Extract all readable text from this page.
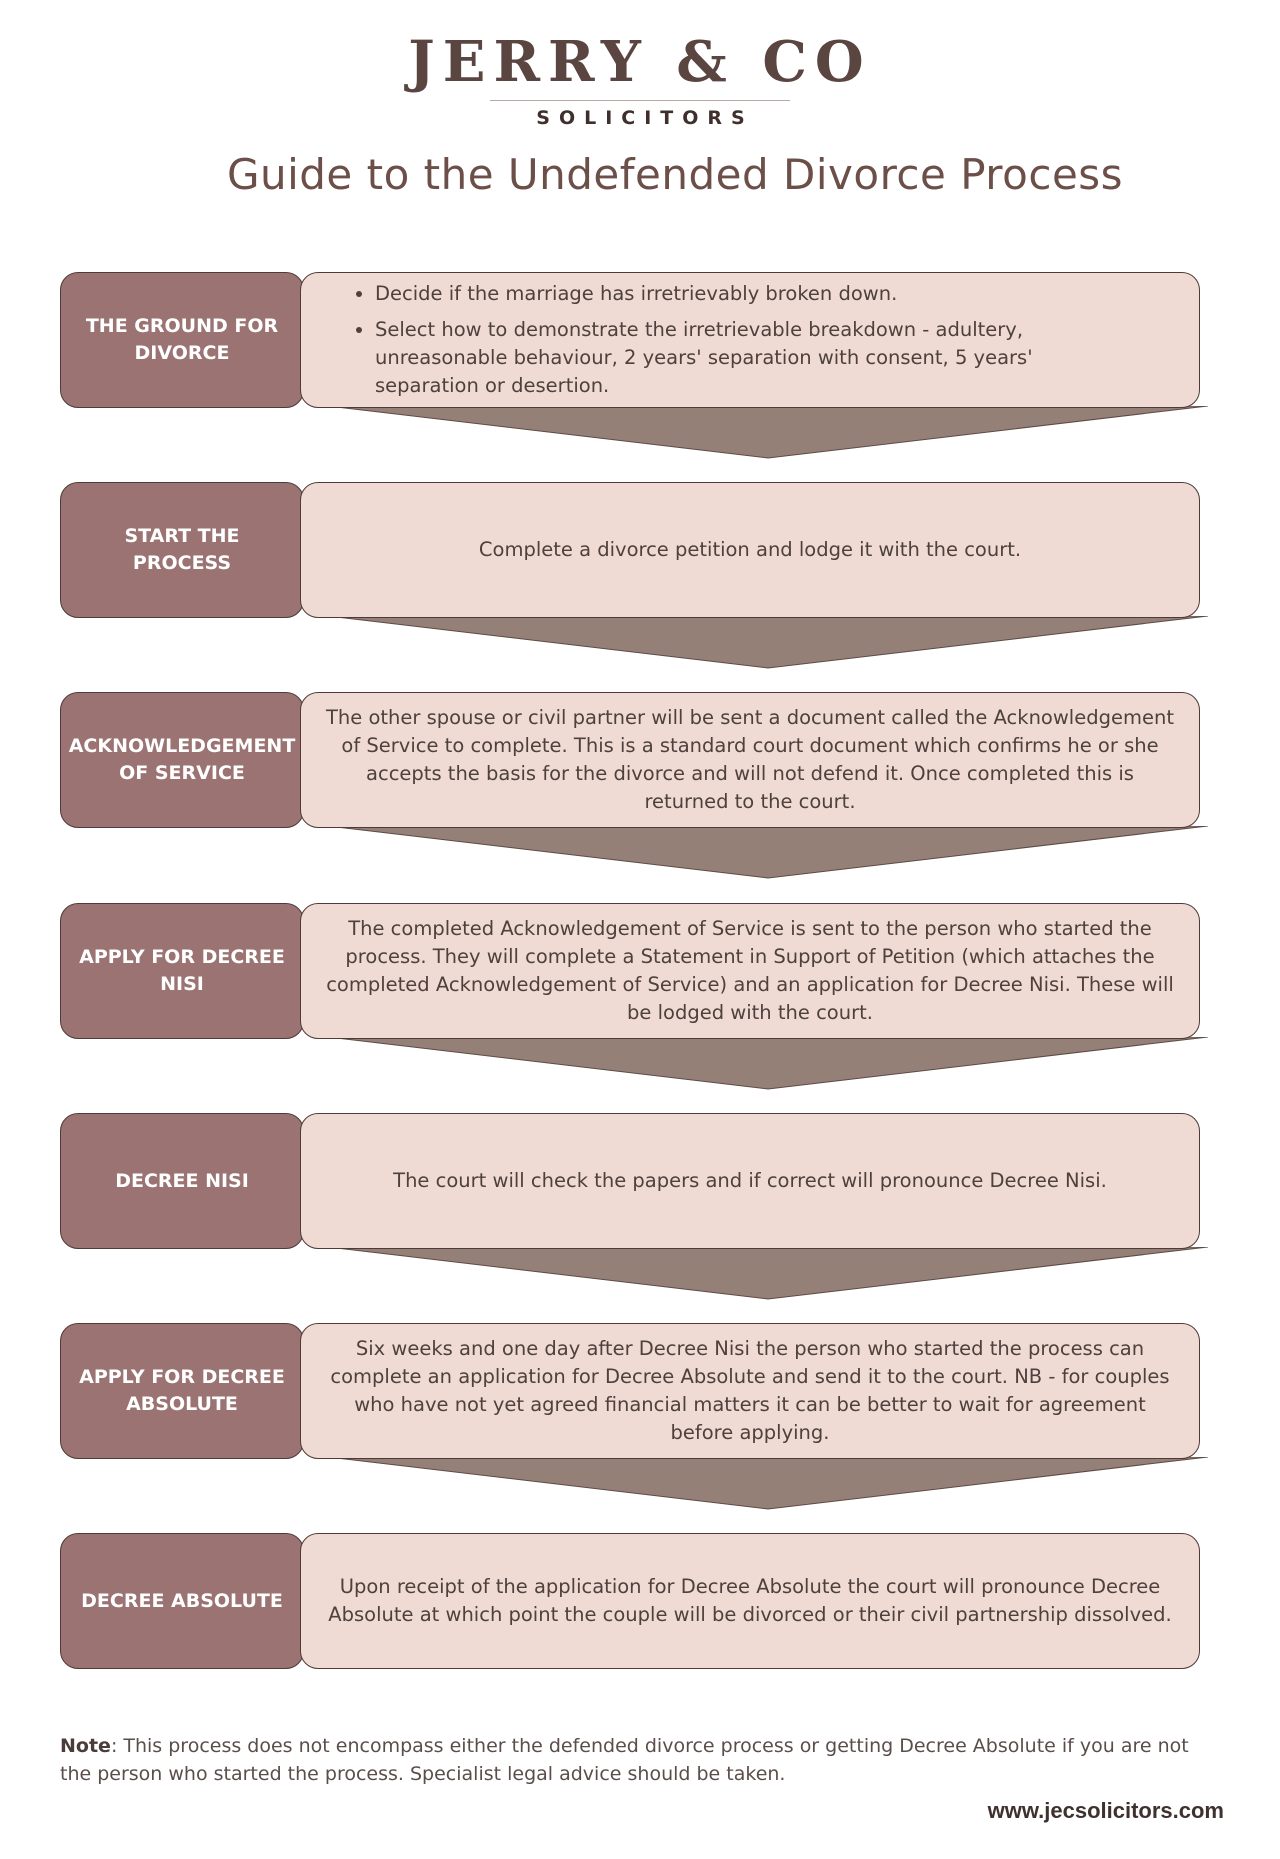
JERRY & CO
SOLICITORS
Guide to the Undefended Divorce Process
THE GROUND FOR DIVORCE
• Decide if the marriage has irretrievably broken down.
• Select how to demonstrate the irretrievable breakdown - adultery, unreasonable behaviour, 2 years' separation with consent, 5 years' separation or desertion.
START THE PROCESS
Complete a divorce petition and lodge it with the court.
ACKNOWLEDGEMENT OF SERVICE
The other spouse or civil partner will be sent a document called the Acknowledgement of Service to complete. This is a standard court document which confirms he or she accepts the basis for the divorce and will not defend it. Once completed this is returned to the court.
APPLY FOR DECREE NISI
The completed Acknowledgement of Service is sent to the person who started the process. They will complete a Statement in Support of Petition (which attaches the completed Acknowledgement of Service) and an application for Decree Nisi. These will be lodged with the court.
DECREE NISI	The court will check the papers and if correct will pronounce Decree Nisi.
APPLY FOR DECREE ABSOLUTE
Six weeks and one day after Decree Nisi the person who started the process can complete an application for Decree Absolute and send it to the court. NB - for couples who have not yet agreed financial matters it can be better to wait for agreement before applying.
DECREE ABSOLUTE
Upon receipt of the application for Decree Absolute the court will pronounce Decree Absolute at which point the couple will be divorced or their civil partnership dissolved.
Note: This process does not encompass either the defended divorce process or getting Decree Absolute if you are not the person who started the process. Specialist legal advice should be taken.
www.jecsolicitors.com
